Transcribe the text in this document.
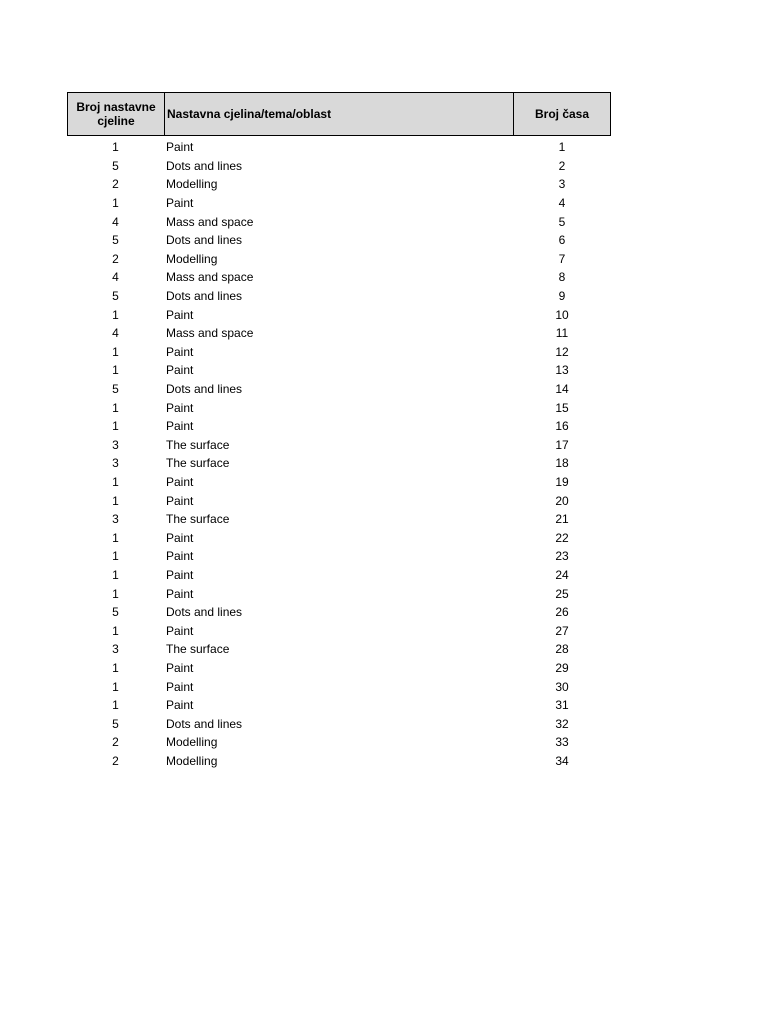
Broj nastavne cjeline	Nastavna cjelina/tema/oblast	Broj časa
1	Paint	1
5	Dots and lines	2
2	Modelling	3
1	Paint	4
4	Mass and space	5
5	Dots and lines	6
2	Modelling	7
4	Mass and space	8
5	Dots and lines	9
1	Paint	10
4	Mass and space	11
1	Paint	12
1	Paint	13
5	Dots and lines	14
1	Paint	15
1	Paint	16
3	The surface	17
3	The surface	18
1	Paint	19
1	Paint	20
3	The surface	21
1	Paint	22
1	Paint	23
1	Paint	24
1	Paint	25
5	Dots and lines	26
1	Paint	27
3	The surface	28
1	Paint	29
1	Paint	30
1	Paint	31
5	Dots and lines	32
2	Modelling	33
2	Modelling	34
